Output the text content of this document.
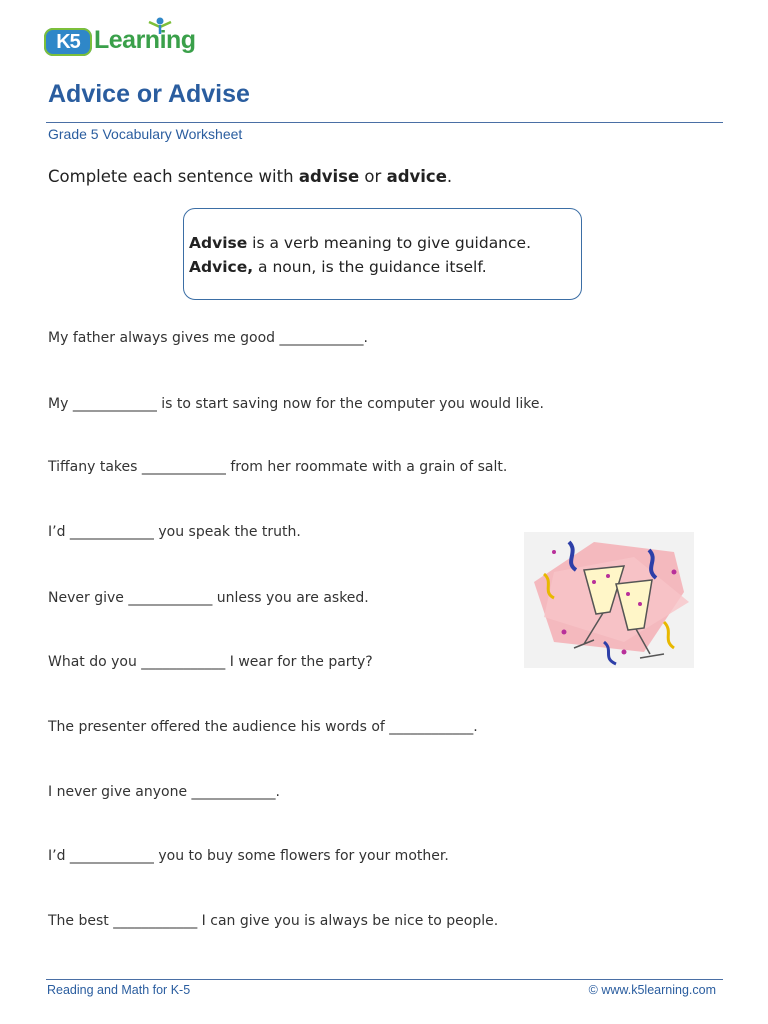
K5 Learning
Advice or Advise
Grade 5 Vocabulary Worksheet
Complete each sentence with advise or advice.
Advise is a verb meaning to give guidance.
Advice, a noun, is the guidance itself.
My father always gives me good ____________.
My ____________ is to start saving now for the computer you would like.
Tiffany takes ____________ from her roommate with a grain of salt.
I’d ____________ you speak the truth.
Never give ____________ unless you are asked.
What do you ____________ I wear for the party?
The presenter offered the audience his words of ____________.
I never give anyone ____________.
I’d ____________ you to buy some flowers for your mother.
The best ____________ I can give you is always be nice to people.
Reading and Math for K-5	© www.k5learning.com
